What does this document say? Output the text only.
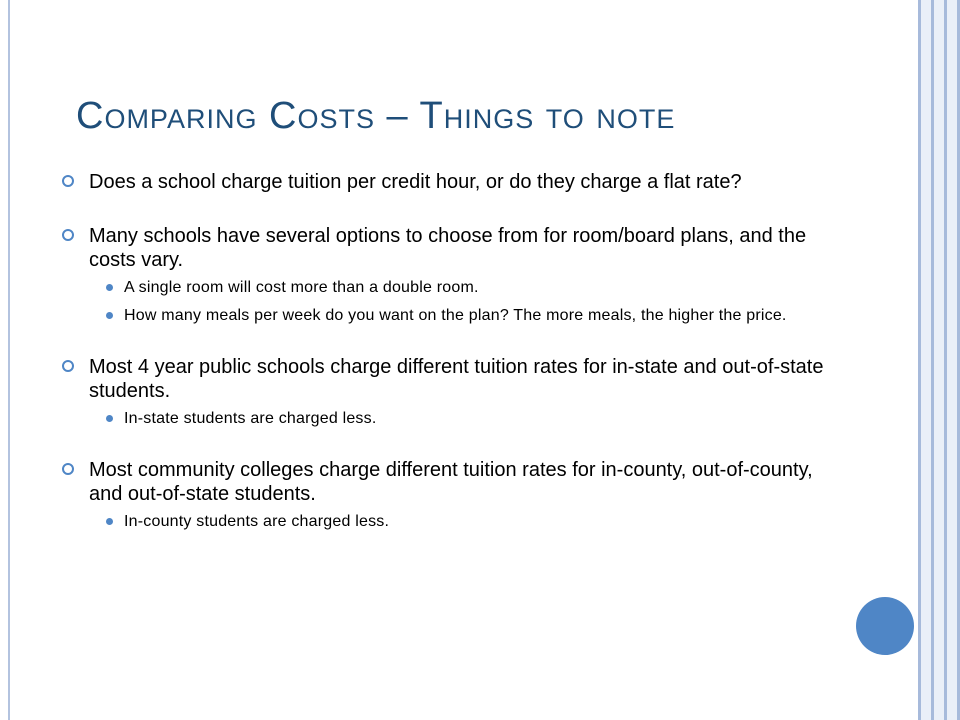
Comparing Costs – Things to note
Does a school charge tuition per credit hour, or do they charge a flat rate?
Many schools have several options to choose from for room/board plans, and the costs vary.
A single room will cost more than a double room.
How many meals per week do you want on the plan? The more meals, the higher the price.
Most 4 year public schools charge different tuition rates for in-state and out-of-state students.
In-state students are charged less.
Most community colleges charge different tuition rates for in-county, out-of-county, and out-of-state students.
In-county students are charged less.
